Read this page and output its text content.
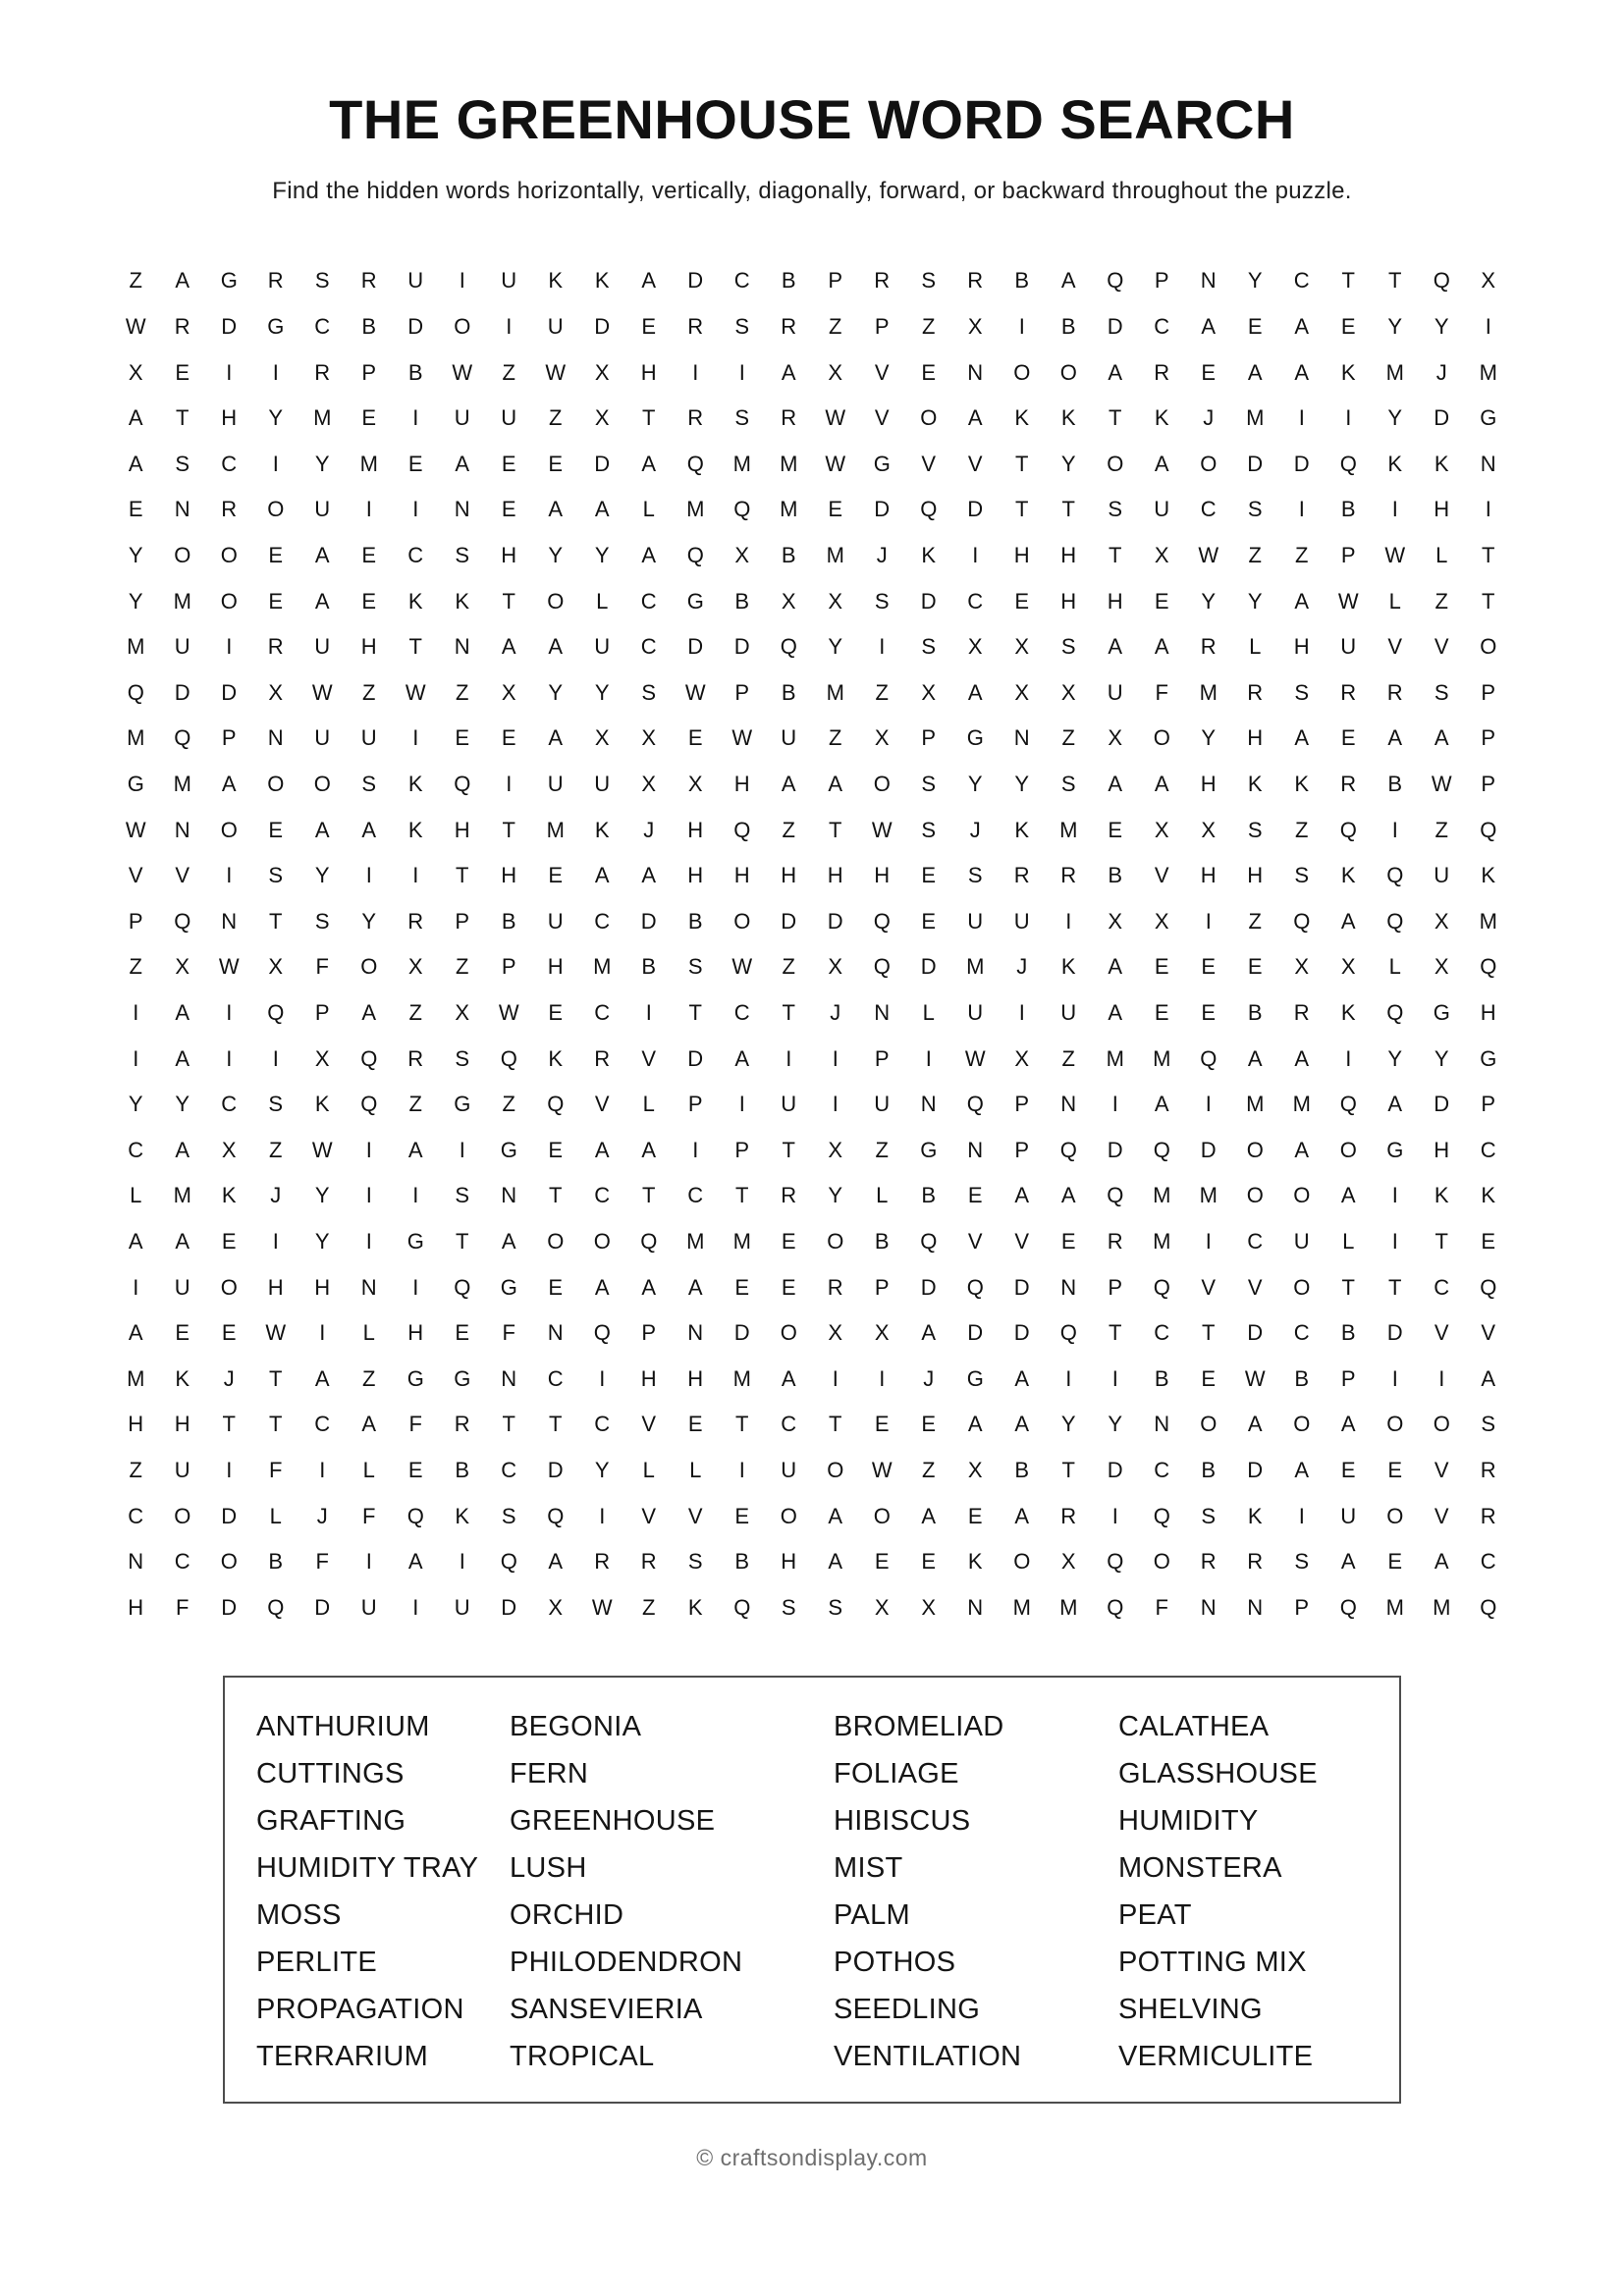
THE GREENHOUSE WORD SEARCH

Find the hidden words horizontally, vertically, diagonally, forward, or backward throughout the puzzle.

Z	A	G	R	S	R	U	I	U	K	K	A	D	C	B	P	R	S	R	B	A	Q	P	N	Y	C	T	T	Q	X
W	R	D	G	C	B	D	O	I	U	D	E	R	S	R	Z	P	Z	X	I	B	D	C	A	E	A	E	Y	Y	I
X	E	I	I	R	P	B	W	Z	W	X	H	I	I	A	X	V	E	N	O	O	A	R	E	A	A	K	M	J	M
A	T	H	Y	M	E	I	U	U	Z	X	T	R	S	R	W	V	O	A	K	K	T	K	J	M	I	I	Y	D	G
A	S	C	I	Y	M	E	A	E	E	D	A	Q	M	M	W	G	V	V	T	Y	O	A	O	D	D	Q	K	K	N
E	N	R	O	U	I	I	N	E	A	A	L	M	Q	M	E	D	Q	D	T	T	S	U	C	S	I	B	I	H	I
Y	O	O	E	A	E	C	S	H	Y	Y	A	Q	X	B	M	J	K	I	H	H	T	X	W	Z	Z	P	W	L	T
Y	M	O	E	A	E	K	K	T	O	L	C	G	B	X	X	S	D	C	E	H	H	E	Y	Y	A	W	L	Z	T
M	U	I	R	U	H	T	N	A	A	U	C	D	D	Q	Y	I	S	X	X	S	A	A	R	L	H	U	V	V	O
Q	D	D	X	W	Z	W	Z	X	Y	Y	S	W	P	B	M	Z	X	A	X	X	U	F	M	R	S	R	R	S	P
M	Q	P	N	U	U	I	E	E	A	X	X	E	W	U	Z	X	P	G	N	Z	X	O	Y	H	A	E	A	A	P
G	M	A	O	O	S	K	Q	I	U	U	X	X	H	A	A	O	S	Y	Y	S	A	A	H	K	K	R	B	W	P
W	N	O	E	A	A	K	H	T	M	K	J	H	Q	Z	T	W	S	J	K	M	E	X	X	S	Z	Q	I	Z	Q
V	V	I	S	Y	I	I	T	H	E	A	A	H	H	H	H	H	E	S	R	R	B	V	H	H	S	K	Q	U	K
P	Q	N	T	S	Y	R	P	B	U	C	D	B	O	D	D	Q	E	U	U	I	X	X	I	Z	Q	A	Q	X	M
Z	X	W	X	F	O	X	Z	P	H	M	B	S	W	Z	X	Q	D	M	J	K	A	E	E	E	X	X	L	X	Q
I	A	I	Q	P	A	Z	X	W	E	C	I	T	C	T	J	N	L	U	I	U	A	E	E	B	R	K	Q	G	H
I	A	I	I	X	Q	R	S	Q	K	R	V	D	A	I	I	P	I	W	X	Z	M	M	Q	A	A	I	Y	Y	G
Y	Y	C	S	K	Q	Z	G	Z	Q	V	L	P	I	U	I	U	N	Q	P	N	I	A	I	M	M	Q	A	D	P
C	A	X	Z	W	I	A	I	G	E	A	A	I	P	T	X	Z	G	N	P	Q	D	Q	D	O	A	O	G	H	C
L	M	K	J	Y	I	I	S	N	T	C	T	C	T	R	Y	L	B	E	A	A	Q	M	M	O	O	A	I	K	K
A	A	E	I	Y	I	G	T	A	O	O	Q	M	M	E	O	B	Q	V	V	E	R	M	I	C	U	L	I	T	E
I	U	O	H	H	N	I	Q	G	E	A	A	A	E	E	R	P	D	Q	D	N	P	Q	V	V	O	T	T	C	Q
A	E	E	W	I	L	H	E	F	N	Q	P	N	D	O	X	X	A	D	D	Q	T	C	T	D	C	B	D	V	V
M	K	J	T	A	Z	G	G	N	C	I	H	H	M	A	I	I	J	G	A	I	I	B	E	W	B	P	I	I	A
H	H	T	T	C	A	F	R	T	T	C	V	E	T	C	T	E	E	A	A	Y	Y	N	O	A	O	A	O	O	S
Z	U	I	F	I	L	E	B	C	D	Y	L	L	I	U	O	W	Z	X	B	T	D	C	B	D	A	E	E	V	R
C	O	D	L	J	F	Q	K	S	Q	I	V	V	E	O	A	O	A	E	A	R	I	Q	S	K	I	U	O	V	R
N	C	O	B	F	I	A	I	Q	A	R	R	S	B	H	A	E	E	K	O	X	Q	O	R	R	S	A	E	A	C
H	F	D	Q	D	U	I	U	D	X	W	Z	K	Q	S	S	X	X	N	M	M	Q	F	N	N	P	Q	M	M	Q
ANTHURIUM
CUTTINGS
GRAFTING
HUMIDITY TRAY
MOSS
PERLITE
PROPAGATION
TERRARIUM
BEGONIA
FERN
GREENHOUSE
LUSH
ORCHID
PHILODENDRON
SANSEVIERIA
TROPICAL
BROMELIAD
FOLIAGE
HIBISCUS
MIST
PALM
POTHOS
SEEDLING
VENTILATION
CALATHEA
GLASSHOUSE
HUMIDITY
MONSTERA
PEAT
POTTING MIX
SHELVING
VERMICULITE
© craftsondisplay.com
